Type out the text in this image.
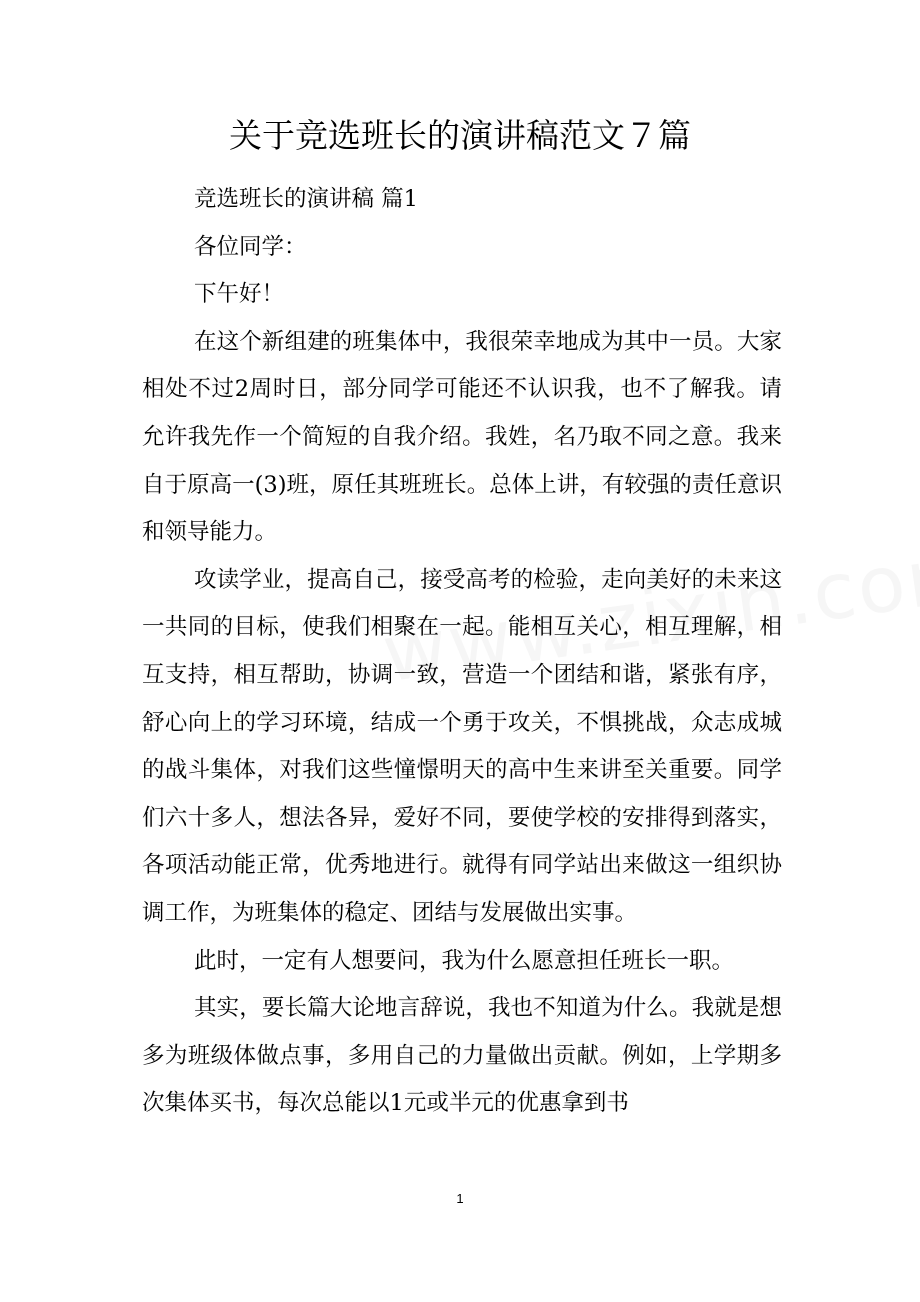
关于竞选班长的演讲稿范文７篇

竞选班长的演讲稿 篇1

各位同学：

下午好！

在这个新组建的班集体中，我很荣幸地成为其中一员。大家相处不过2周时日，部分同学可能还不认识我，也不了解我。请允许我先作一个简短的自我介绍。我姓，名乃取不同之意。我来自于原高一(3)班，原任其班班长。总体上讲，有较强的责任意识和领导能力。

攻读学业，提高自己，接受高考的检验，走向美好的未来这一共同的目标，使我们相聚在一起。能相互关心，相互理解，相互支持，相互帮助，协调一致，营造一个团结和谐，紧张有序，舒心向上的学习环境，结成一个勇于攻关，不惧挑战，众志成城的战斗集体，对我们这些憧憬明天的高中生来讲至关重要。同学们六十多人，想法各异，爱好不同，要使学校的安排得到落实，各项活动能正常，优秀地进行。就得有同学站出来做这一组织协调工作，为班集体的稳定、团结与发展做出实事。

此时，一定有人想要问，我为什么愿意担任班长一职。

其实，要长篇大论地言辞说，我也不知道为什么。我就是想多为班级体做点事，多用自己的力量做出贡献。例如，上学期多次集体买书，每次总能以1元或半元的优惠拿到书

1
